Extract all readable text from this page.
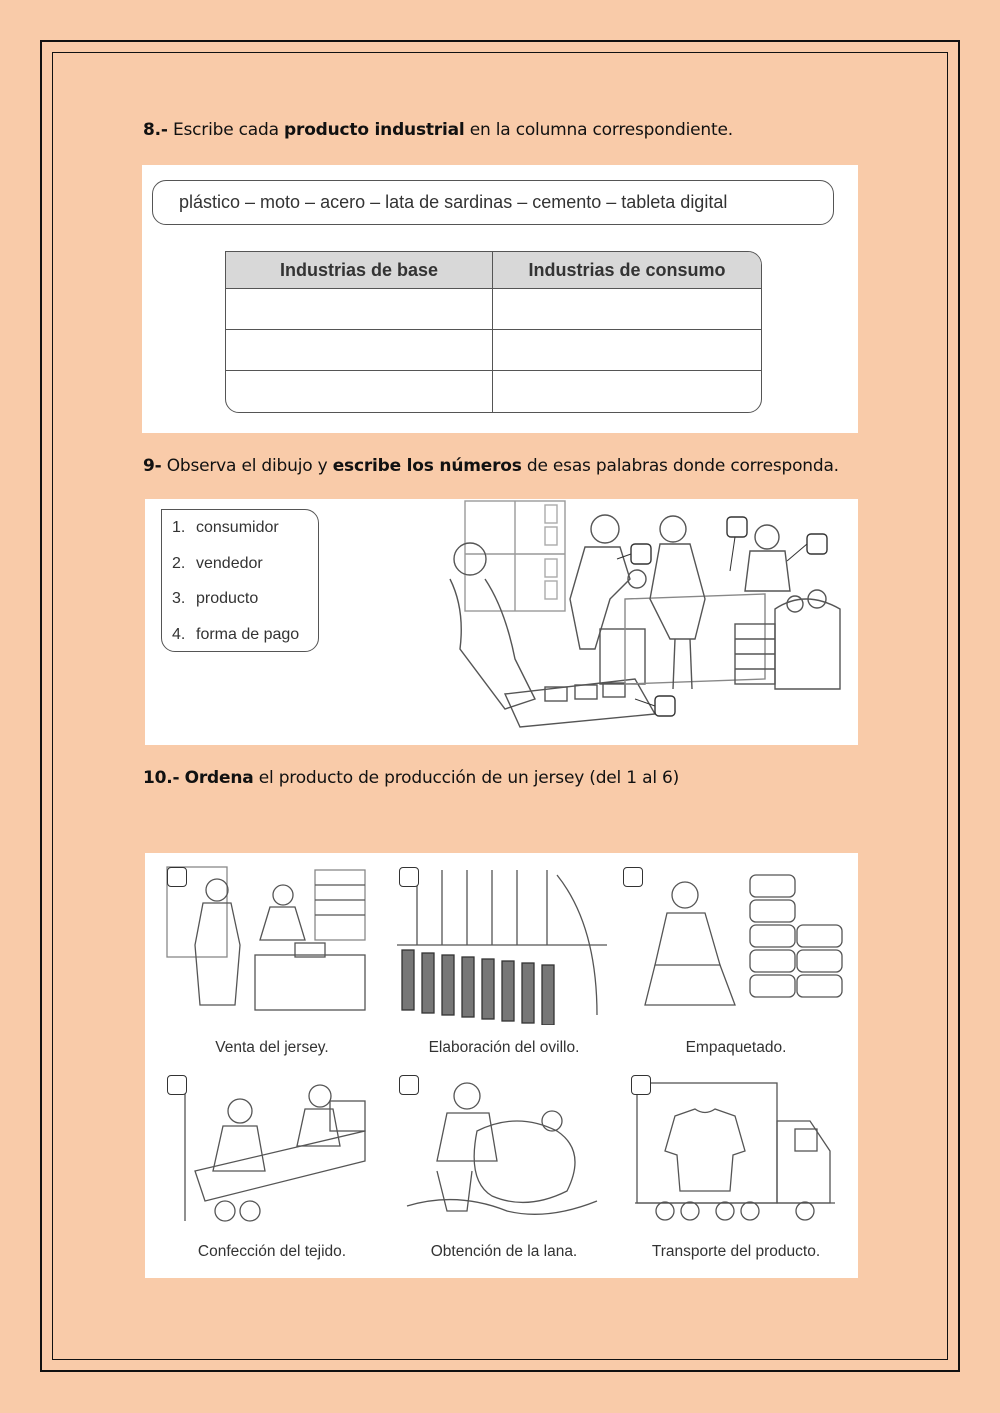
8.- Escribe cada producto industrial en la columna correspondiente.
plástico – moto – acero – lata de sardinas – cemento – tableta digital
Industrias de base	Industrias de consumo
9- Observa el dibujo y escribe los números de esas palabras donde corresponda.
1. consumidor
2. vendedor
3. producto
4. forma de pago
10.- Ordena el producto de producción de un jersey (del 1 al 6)
Venta del jersey.	Elaboración del ovillo.	Empaquetado.
Confección del tejido.	Obtención de la lana.	Transporte del producto.
